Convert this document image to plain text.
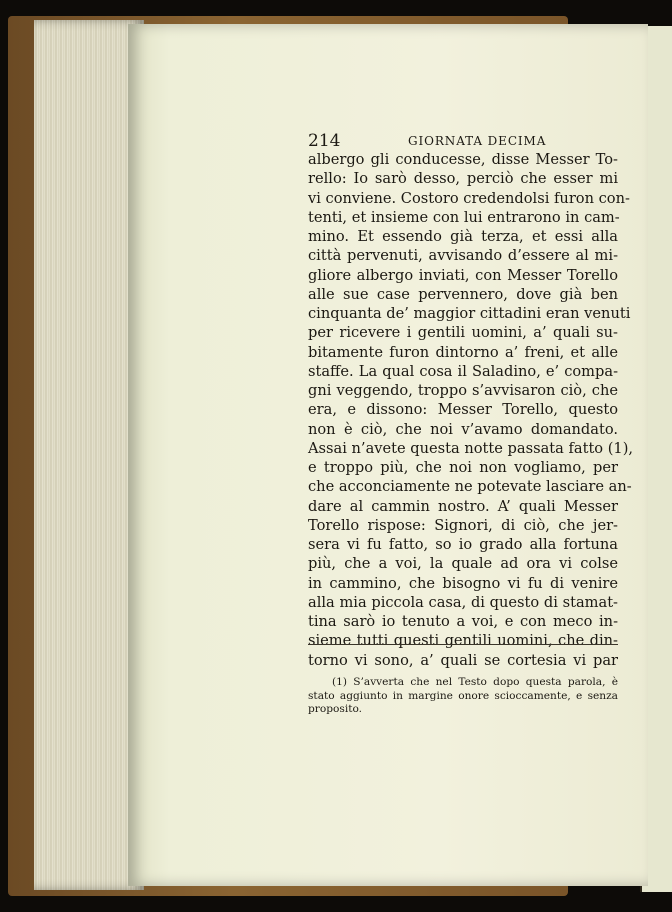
214	GIORNATA DECIMA
albergo gli conducesse, disse Messer To-
rello: Io sarò desso, perciò che esser mi
vi conviene. Costoro credendolsi furon con-
tenti, et insieme con lui entrarono in cam-
mino. Et essendo già terza, et essi alla
città pervenuti, avvisando d’essere al mi-
gliore albergo inviati, con Messer Torello
alle sue case pervennero, dove già ben
cinquanta de’ maggior cittadini eran venuti
per ricevere i gentili uomini, a’ quali su-
bitamente furon dintorno a’ freni, et alle
staffe. La qual cosa il Saladino, e’ compa-
gni veggendo, troppo s’avvisaron ciò, che
era, e dissono: Messer Torello, questo
non è ciò, che noi v’avamo domandato.
Assai n’avete questa notte passata fatto (1),
e troppo più, che noi non vogliamo, per
che acconciamente ne potevate lasciare an-
dare al cammin nostro. A’ quali Messer
Torello rispose: Signori, di ciò, che jer-
sera vi fu fatto, so io grado alla fortuna
più, che a voi, la quale ad ora vi colse
in cammino, che bisogno vi fu di venire
alla mia piccola casa, di questo di stamat-
tina sarò io tenuto a voi, e con meco in-
sieme tutti questi gentili uomini, che din-
torno vi sono, a’ quali se cortesia vi par
(1) S’avverta che nel Testo dopo questa parola, è
stato aggiunto in margine onore scioccamente, e senza
proposito.
